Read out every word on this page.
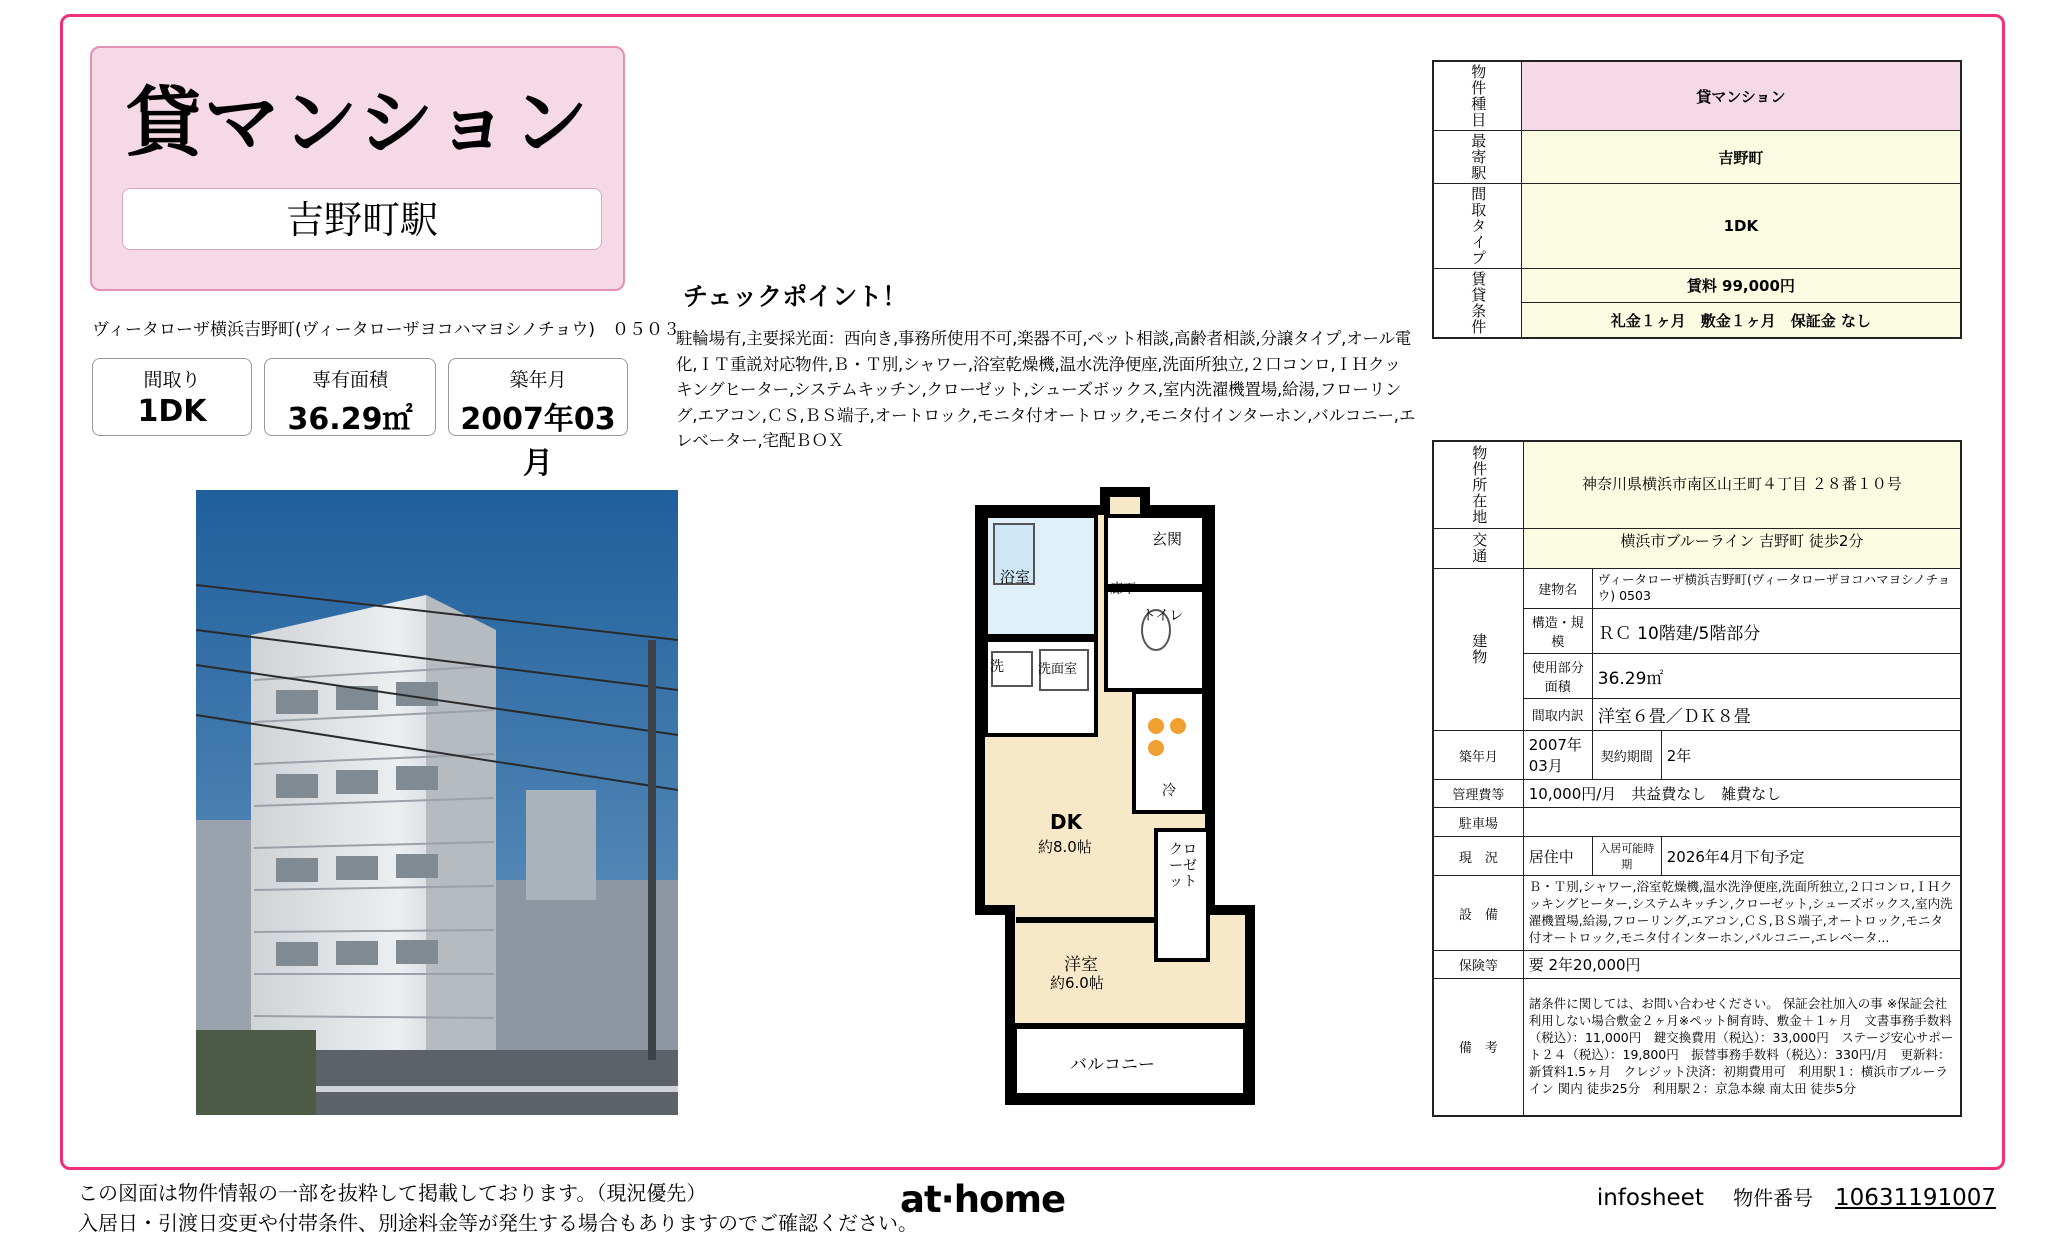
貸マンション
吉野町駅
ヴィータローザ横浜吉野町(ヴィータローザヨコハマヨシノチョウ)　０５０３
間取り
1DK
専有面積
36.29㎡
築年月
2007年03月
チェックポイント！
駐輪場有,主要採光面：西向き,事務所使用不可,楽器不可,ペット相談,高齢者相談,分譲タイプ,オール電化,ＩＴ重説対応物件,Ｂ・Ｔ別,シャワー,浴室乾燥機,温水洗浄便座,洗面所独立,２口コンロ,ＩＨクッキングヒーター,システムキッチン,クローゼット,シューズボックス,室内洗濯機置場,給湯,フローリング,エアコン,ＣＳ,ＢＳ端子,オートロック,モニタ付オートロック,モニタ付インターホン,バルコニー,エレベーター,宅配ＢＯＸ
玄関
浴室
洗	洗面室
廊下
トイレ
冷
クローゼット
DK
約8.0帖
洋室
約6.0帖
バルコニー
物件種目	貸マンション
最寄駅	吉野町
間取タイプ	1DK
賃貸条件	賃料 99,000円
	礼金１ヶ月　敷金１ヶ月　保証金 なし
物件所在地	神奈川県横浜市南区山王町４丁目 ２８番１０号		
交通	横浜市ブルーライン 吉野町 徒歩2分		
建物	建物名	ヴィータローザ横浜吉野町(ヴィータローザヨコハマヨシノチョウ) 0503	
	構造・規模	ＲＣ 10階建/5階部分	
	使用部分面積	36.29㎡	
	間取内訳	洋室６畳／ＤＫ８畳	
築年月	2007年03月	契約期間	2年
管理費等	10,000円/月　共益費なし　雑費なし		
駐車場			
現　況	居住中	入居可能時期	2026年4月下旬予定
設　備	Ｂ・Ｔ別,シャワー,浴室乾燥機,温水洗浄便座,洗面所独立,２口コンロ,ＩＨクッキングヒーター,システムキッチン,クローゼット,シューズボックス,室内洗濯機置場,給湯,フローリング,エアコン,ＣＳ,ＢＳ端子,オートロック,モニタ付オートロック,モニタ付インターホン,バルコニー,エレベータ...		
保険等	要 2年20,000円		
備　考	諸条件に関しては、お問い合わせください。 保証会社加入の事 ※保証会社利用しない場合敷金２ヶ月※ペット飼育時、敷金＋１ヶ月　文書事務手数料（税込）：11,000円　鍵交換費用（税込）：33,000円　ステージ安心サポート２４（税込）：19,800円　振替事務手数料（税込）：330円/月　更新料：新賃料1.5ヶ月　クレジット決済：初期費用可　利用駅１：横浜市ブルーライン 関内 徒歩25分　利用駅２：京急本線 南太田 徒歩5分		
この図面は物件情報の一部を抜粋して掲載しております。（現況優先）
入居日・引渡日変更や付帯条件、別途料金等が発生する場合もありますのでご確認ください。
at·home	infosheet 物件番号 10631191007
